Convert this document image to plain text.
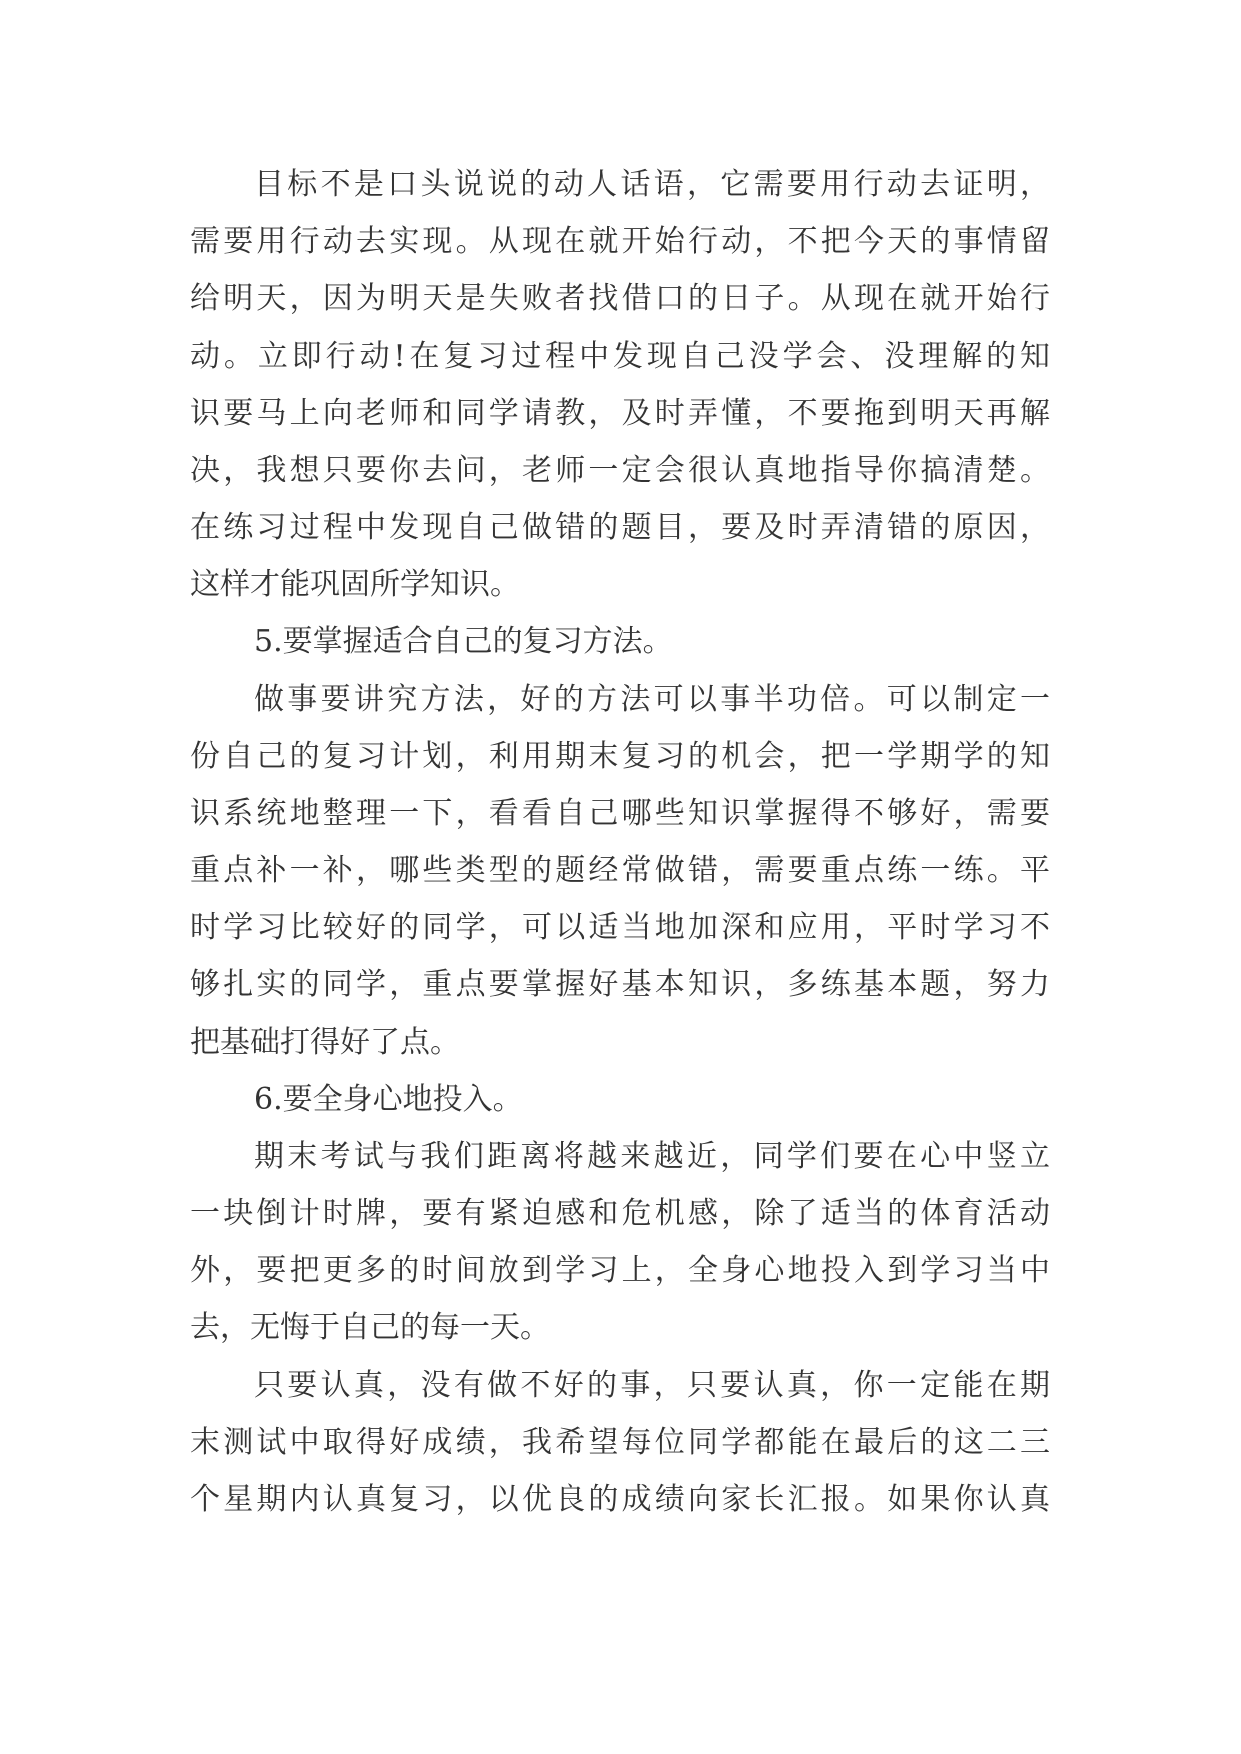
目标不是口头说说的动人话语，它需要用行动去证明，
需要用行动去实现。从现在就开始行动，不把今天的事情留
给明天，因为明天是失败者找借口的日子。从现在就开始行
动。立即行动!在复习过程中发现自己没学会、没理解的知
识要马上向老师和同学请教，及时弄懂，不要拖到明天再解
决，我想只要你去问，老师一定会很认真地指导你搞清楚。
在练习过程中发现自己做错的题目，要及时弄清错的原因，
这样才能巩固所学知识。
5.要掌握适合自己的复习方法。
做事要讲究方法，好的方法可以事半功倍。可以制定一
份自己的复习计划，利用期末复习的机会，把一学期学的知
识系统地整理一下，看看自己哪些知识掌握得不够好，需要
重点补一补，哪些类型的题经常做错，需要重点练一练。平
时学习比较好的同学，可以适当地加深和应用，平时学习不
够扎实的同学，重点要掌握好基本知识，多练基本题，努力
把基础打得好了点。
6.要全身心地投入。
期末考试与我们距离将越来越近，同学们要在心中竖立
一块倒计时牌，要有紧迫感和危机感，除了适当的体育活动
外，要把更多的时间放到学习上，全身心地投入到学习当中
去，无悔于自己的每一天。
只要认真，没有做不好的事，只要认真，你一定能在期
末测试中取得好成绩，我希望每位同学都能在最后的这二三
个星期内认真复习，以优良的成绩向家长汇报。如果你认真
